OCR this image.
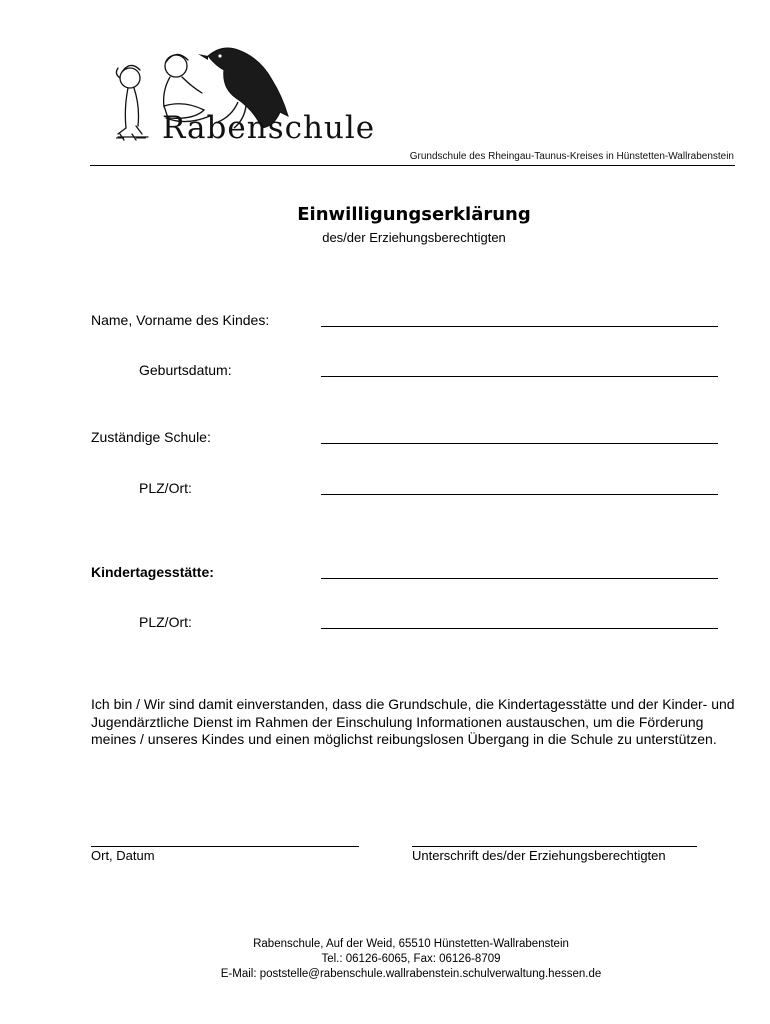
Rabenschule
Grundschule des Rheingau-Taunus-Kreises in Hünstetten-Wallrabenstein
Einwilligungserklärung
des/der Erziehungsberechtigten
Name, Vorname des Kindes:
Geburtsdatum:
Zuständige Schule:
PLZ/Ort:
Kindertagesstätte:
PLZ/Ort:
Ich bin / Wir sind damit einverstanden, dass die Grundschule, die Kindertagesstätte und der Kinder- und Jugendärztliche Dienst im Rahmen der Einschulung Informationen austauschen, um die Förderung meines / unseres Kindes und einen möglichst reibungslosen Übergang in die Schule zu unterstützen.
Ort, Datum	Unterschrift des/der Erziehungsberechtigten
Rabenschule, Auf der Weid, 65510 Hünstetten-Wallrabenstein
Tel.: 06126-6065, Fax: 06126-8709
E-Mail: poststelle@rabenschule.wallrabenstein.schulverwaltung.hessen.de
